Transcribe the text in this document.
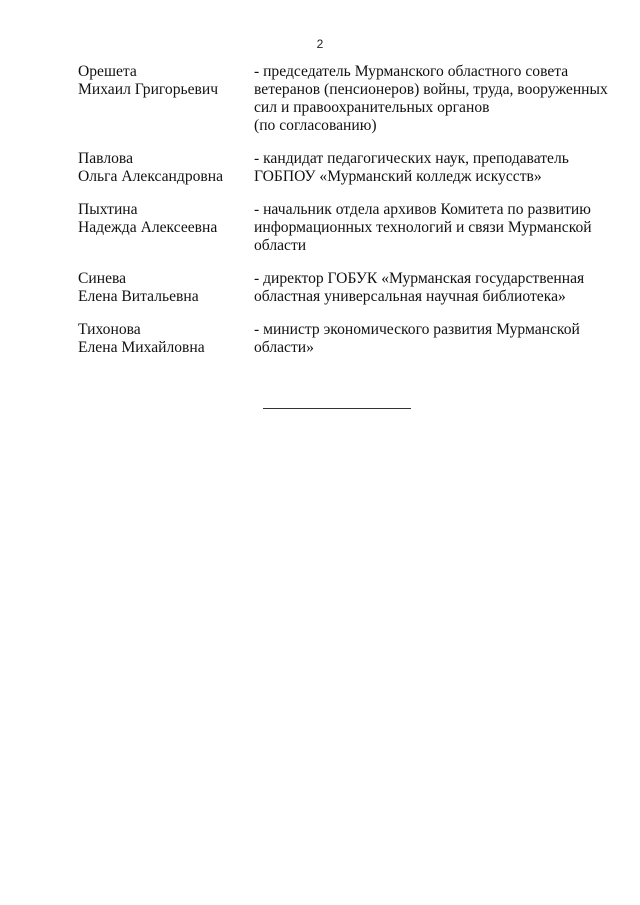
2
Орешета
Михаил Григорьевич
- председатель Мурманского областного совета
ветеранов (пенсионеров) войны, труда, вооруженных
сил и правоохранительных органов
(по согласованию)
Павлова
Ольга Александровна
- кандидат педагогических наук, преподаватель
ГОБПОУ «Мурманский колледж искусств»
Пыхтина
Надежда Алексеевна
- начальник отдела архивов Комитета по развитию
информационных технологий и связи Мурманской
области
Синева
Елена Витальевна
- директор ГОБУК «Мурманская государственная
областная универсальная научная библиотека»
Тихонова
Елена Михайловна
- министр экономического развития Мурманской
области»
